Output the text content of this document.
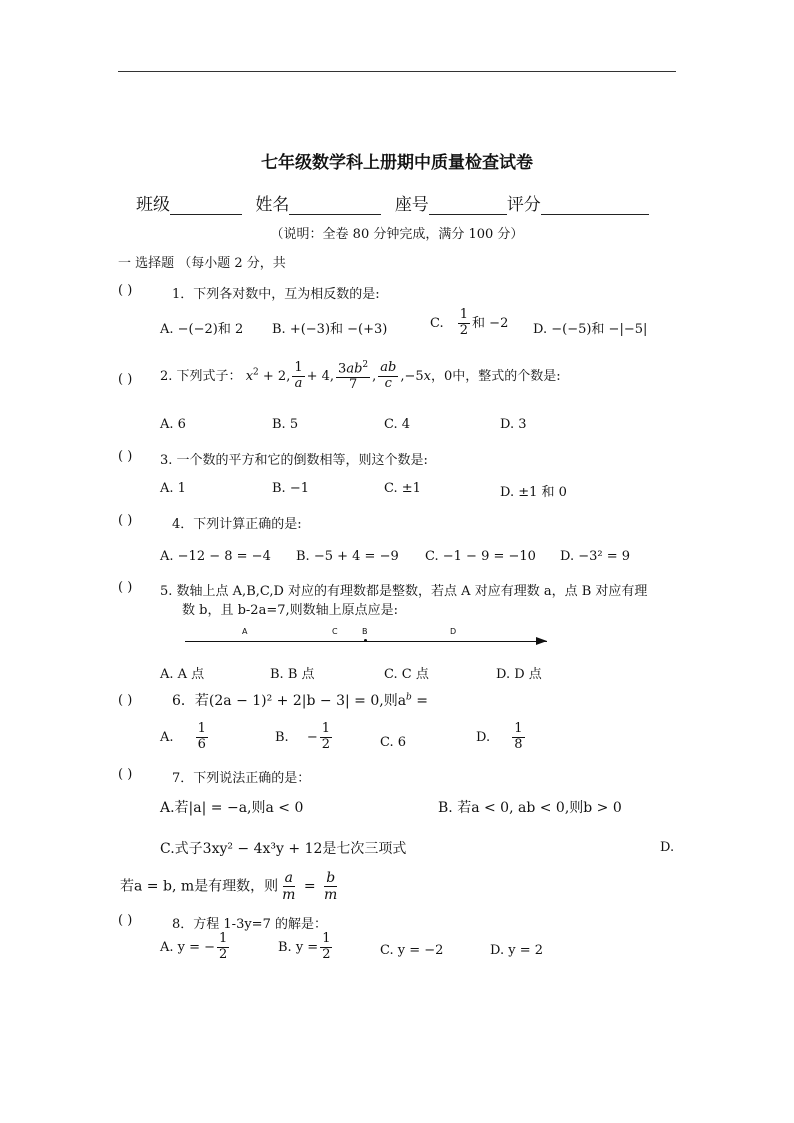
七年级数学科上册期中质量检查试卷
班级	姓名	座号	评分
（说明：全卷 80 分钟完成，满分 100 分）
一 选择题 （每小题 2 分，共
( )	1．下列各对数中，互为相反数的是:
A. −(−2)和 2 B. +(−3)和 −(+3)	C. $\frac{1}{2}$ 和 −2 D. −(−5)和 −|−5|
( ) 2. 下列式子： $x^2 + 2$, $\frac{1}{a} + 4$, $\frac{3ab^2}{7}$ , $\frac{ab}{c} ,-5x$，0中，整式的个数是:
A. 6	B. 5	C. 4	D. 3
( ) 3. 一个数的平方和它的倒数相等，则这个数是:
A. 1	B. −1	C. ±1	D. ±1 和 0
( )	4．下列计算正确的是:
A. −12 − 8 = −4 B. −5 + 4 = −9 C. −1 − 9 = −10 D. −3² = 9
( ) 5. 数轴上点 A,B,C,D 对应的有理数都是整数，若点 A 对应有理数 a，点 B 对应有理
数 b，且 b-2a=7,则数轴上原点应是:
A	C	B	D
A. A 点	B. B 点	C. C 点	D. D 点
( )	6．若(2a − 1)² + 2|b − 3| = 0,则$a^b$ =
A. $\frac{1}{6}$	B. − $\frac{1}{2}$	C. 6	D. $\frac{1}{8}$
( )	7．下列说法正确的是：
A.若|a| = −a,则a < 0	B. 若a < 0, ab < 0,则b > 0
C.式子3xy² − 4x³y + 12是七次三项式	D.
若a = b, m是有理数，则 $\frac{a}{m} = \frac{b}{m}$
( )	8．方程 1-3y=7 的解是：
A. y = − $\frac{1}{2}$	B. $y = \frac{1}{2}$	C. y = −2	D. y = 2
